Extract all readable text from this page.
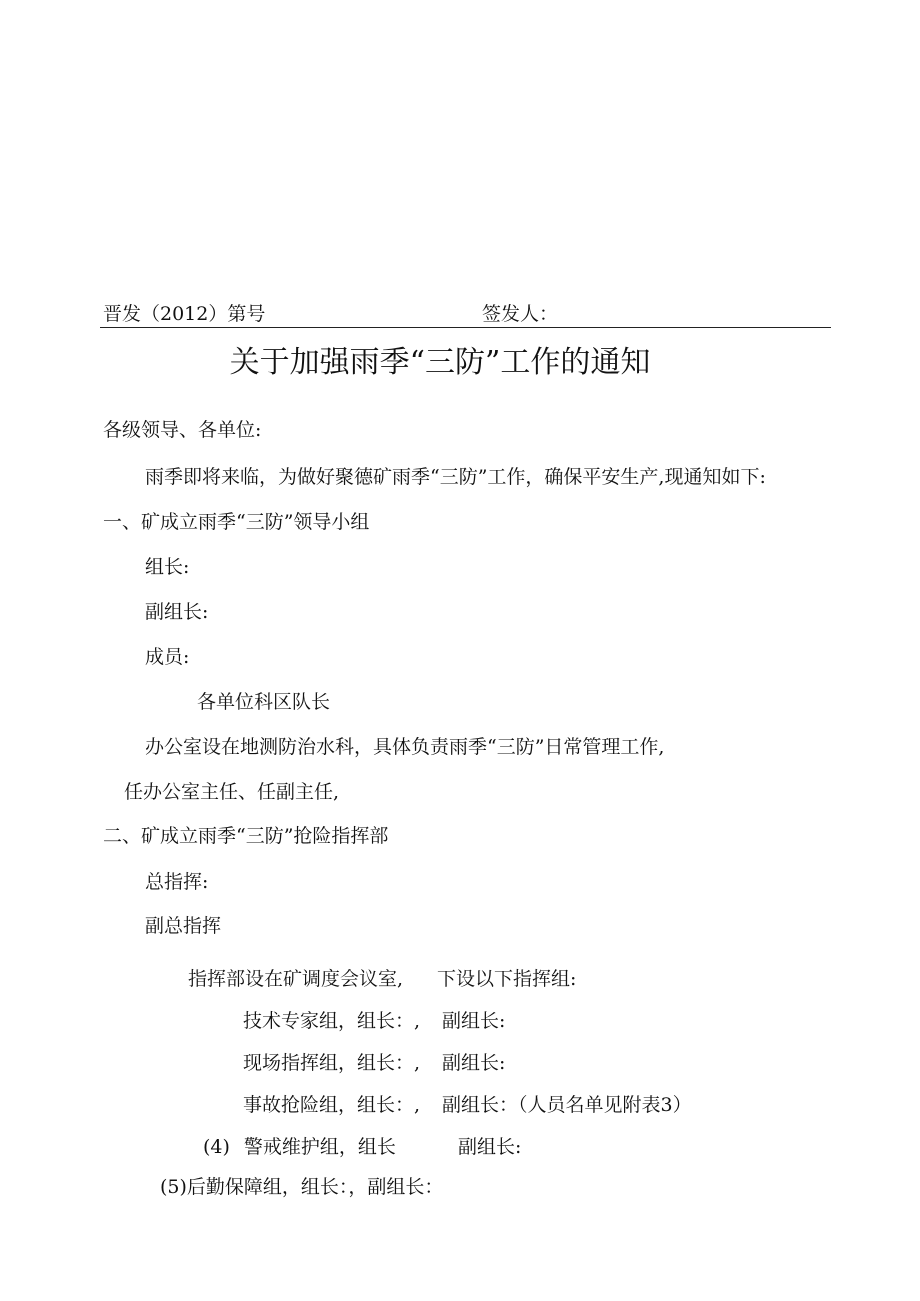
晋发（2012）第号	签发人：
关于加强雨季“三防”工作的通知
各级领导、各单位:
雨季即将来临，为做好聚德矿雨季“三防”工作，确保平安生产,现通知如下:
一、矿成立雨季“三防”领导小组
组长:
副组长:
成员:
各单位科区队长
办公室设在地测防治水科，具体负责雨季“三防”日常管理工作,
任办公室主任、任副主任,
二、矿成立雨季“三防”抢险指挥部
总指挥:
副总指挥
指挥部设在矿调度会议室, 下设以下指挥组:
技术专家组，组长：, 副组长:
现场指挥组，组长：, 副组长:
事故抢险组，组长：, 副组长：（人员名单见附表3）
(4) 警戒维护组，组长	副组长:
(5)后勤保障组，组长：，副组长：
